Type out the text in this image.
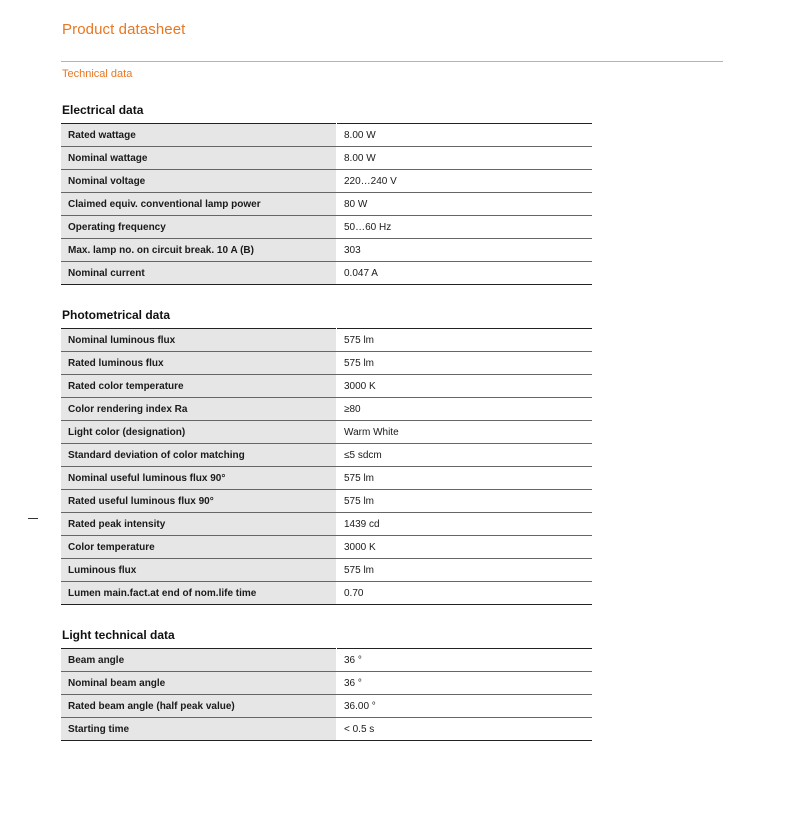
Product datasheet
Technical data
Electrical data
Rated wattage	8.00 W
Nominal wattage	8.00 W
Nominal voltage	220…240 V
Claimed equiv. conventional lamp power	80 W
Operating frequency	50…60 Hz
Max. lamp no. on circuit break. 10 A (B)	303
Nominal current	0.047 A
Photometrical data
Nominal luminous flux	575 lm
Rated luminous flux	575 lm
Rated color temperature	3000 K
Color rendering index Ra	≥80
Light color (designation)	Warm White
Standard deviation of color matching	≤5 sdcm
Nominal useful luminous flux 90°	575 lm
Rated useful luminous flux 90°	575 lm
Rated peak intensity	1439 cd
Color temperature	3000 K
Luminous flux	575 lm
Lumen main.fact.at end of nom.life time	0.70
Light technical data
Beam angle	36 °
Nominal beam angle	36 °
Rated beam angle (half peak value)	36.00 °
Starting time	< 0.5 s
